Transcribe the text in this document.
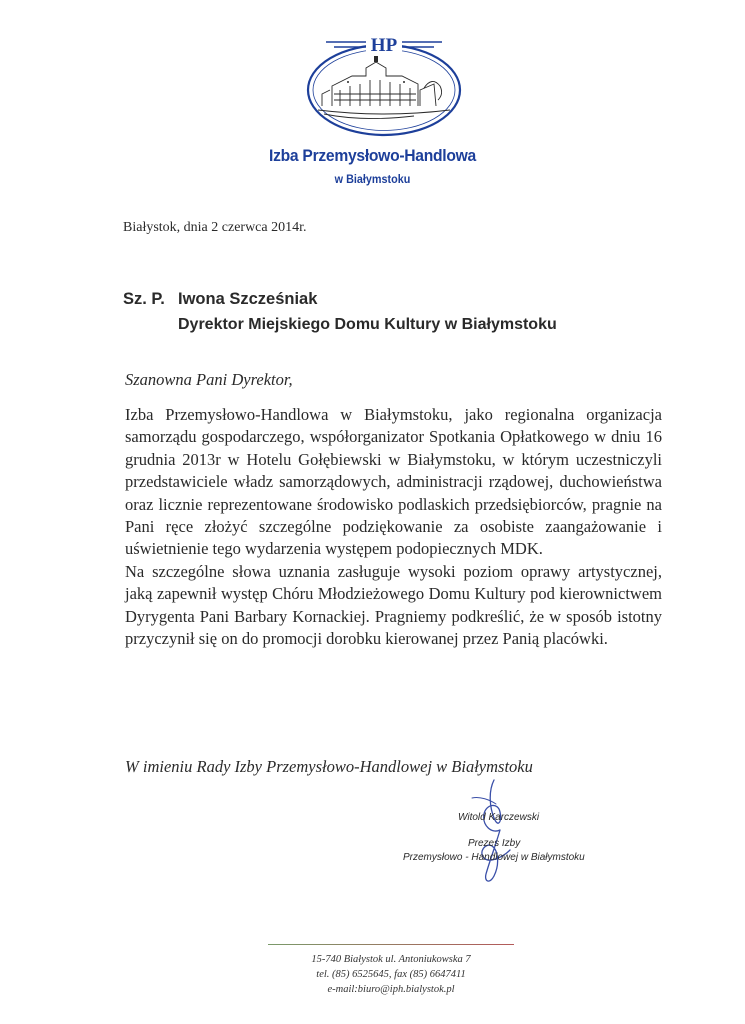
HP
Izba Przemysłowo-Handlowa
w Białymstoku
Białystok, dnia 2 czerwca 2014r.
Sz. P. Iwona Szcześniak
Dyrektor Miejskiego Domu Kultury w Białymstoku
Szanowna Pani Dyrektor,

Izba Przemysłowo-Handlowa w Białymstoku, jako regionalna organizacja samorządu gospodarczego, współorganizator Spotkania Opłatkowego w dniu 16 grudnia 2013r w Hotelu Gołębiewski w Białymstoku, w którym uczestniczyli przedstawiciele władz samorządowych, administracji rządowej, duchowieństwa oraz licznie reprezentowane środowisko podlaskich przedsiębiorców, pragnie na Pani ręce złożyć szczególne podziękowanie za osobiste zaangażowanie i uświetnienie tego wydarzenia występem podopiecznych MDK.

Na szczególne słowa uznania zasługuje wysoki poziom oprawy artystycznej, jaką zapewnił występ Chóru Młodzieżowego Domu Kultury pod kierownictwem Dyrygenta Pani Barbary Kornackiej. Pragniemy podkreślić, że w sposób istotny przyczynił się on do promocji dorobku kierowanej przez Panią placówki.

W imieniu Rady Izby Przemysłowo-Handlowej w Białymstoku
Witold Karczewski
Prezes Izby
Przemysłowo - Handlowej w Białymstoku
15-740 Białystok ul. Antoniukowska 7
tel. (85) 6525645, fax (85) 6647411
e-mail:biuro@iph.bialystok.pl
